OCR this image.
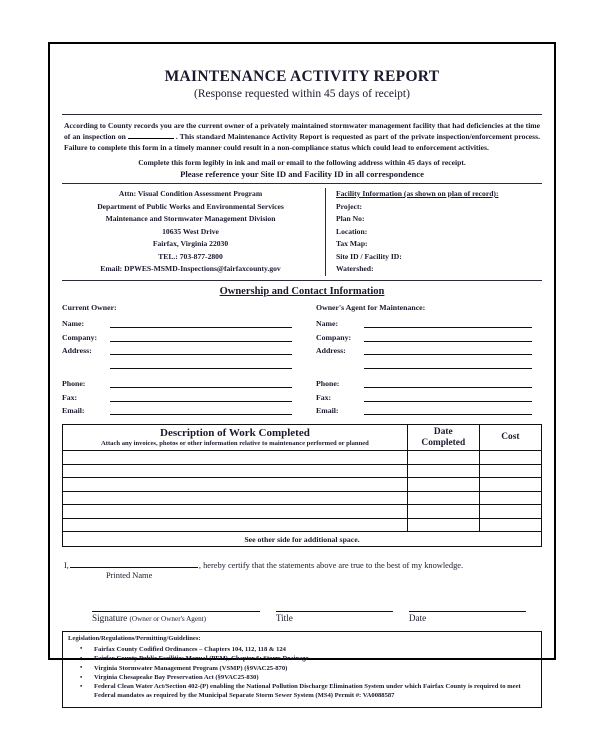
MAINTENANCE ACTIVITY REPORT
(Response requested within 45 days of receipt)

According to County records you are the current owner of a privately maintained stormwater management facility that had deficiencies at the time of an inspection on	. This standard Maintenance Activity Report is requested as part of the private inspection/enforcement process. Failure to complete this form in a timely manner could result in a non-compliance status which could lead to enforcement activities.

Complete this form legibly in ink and mail or email to the following address within 45 days of receipt.
Please reference your Site ID and Facility ID in all correspondence
Attn: Visual Condition Assessment Program
Department of Public Works and Environmental Services
Maintenance and Stormwater Management Division
10635 West Drive
Fairfax, Virginia 22030
TEL.: 703-877-2800
Email: DPWES-MSMD-Inspections@fairfaxcounty.gov
Facility Information (as shown on plan of record):
Project:
Plan No:
Location:
Tax Map:
Site ID / Facility ID:
Watershed:
Ownership and Contact Information
Current Owner:
Name:
Company:
Address:
Phone:
Fax:
Email:
Owner's Agent for Maintenance:
Name:
Company:
Address:
Phone:
Fax:
Email:
Description of Work Completed
Attach any invoices, photos or other information relative to maintenance performed or planned

Date
Completed
	Cost

See other side for additional space.		
I,	, hereby certify that the statements above are true to the best of my knowledge.
Printed Name
Signature (Owner or Owner's Agent)	Title	Date
Legislation/Regulations/Permitting/Guidelines:
• Fairfax County Codified Ordinances – Chapters 104, 112, 118 & 124
• Fairfax County Public Facilities Manual (PFM), Chapter 6: Storm Drainage
• Virginia Stormwater Management Program (VSMP) (§9VAC25-870)
• Virginia Chesapeake Bay Preservation Act (§9VAC25-830)
• Federal Clean Water Act/Section 402-(P) enabling the National Pollution Discharge Elimination System under which Fairfax County is required to meet Federal mandates as required by the Municipal Separate Storm Sewer System (MS4) Permit #: VA0088587
